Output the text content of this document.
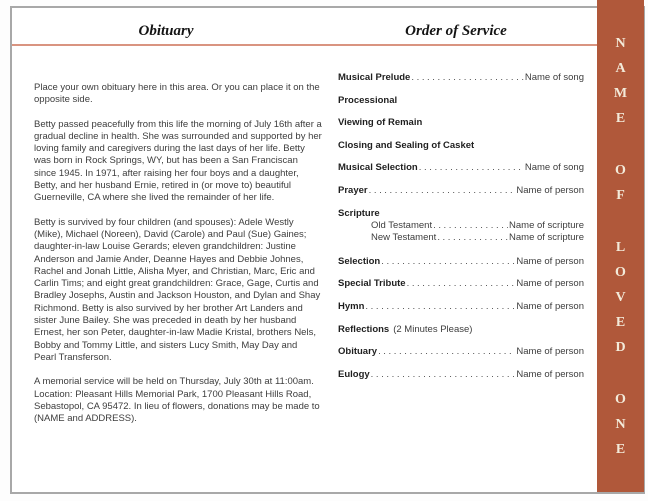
Obituary	Order of Service

Place your own obituary here in this area. Or you can place it on the opposite side.

Betty passed peacefully from this life the morning of July 16th after a gradual decline in health. She was surrounded and supported by her loving family and caregivers during the last days of her life. Betty was born in Rock Springs, WY, but has been a San Franciscan since 1945. In 1971, after raising her four boys and a daughter, Betty, and her husband Ernie, retired in (or move to) beautiful Guerneville, CA where she lived the remainder of her life.

Betty is survived by four children (and spouses): Adele Westly (Mike), Michael (Noreen), David (Carole) and Paul (Sue) Gaines; daughter-in-law Louise Gerards; eleven grandchildren: Justine Anderson and Jamie Ander, Deanne Hayes and Debbie Johnes, Rachel and Jonah Little, Alisha Myer, and Christian, Marc, Eric and Carlin Tims; and eight great grandchildren: Grace, Gage, Curtis and Bradley Josephs, Austin and Jackson Houston, and Dylan and Shay Richmond. Betty is also survived by her brother Art Landers and sister June Bailey. She was preceded in death by her husband Ernest, her son Peter, daughter-in-law Madie Kristal, brothers Nels, Bobby and Tommy Little, and sisters Lucy Smith, May Day and Pearl Transferson.

A memorial service will be held on Thursday, July 30th at 11:00am. Location: Pleasant Hills Memorial Park, 1700 Pleasant Hills Road, Sebastopol, CA 95472. In lieu of flowers, donations may be made to (NAME and ADDRESS).

Musical Prelude .....	Name of song
Processional
Viewing of Remain
Closing and Sealing of Casket
Musical Selection .....	Name of song
Prayer .....	Name of person
Scripture
Old Testament .....	Name of scripture
New Testament .....	Name of scripture
Selection .....	Name of person
Special Tribute .....	Name of person
Hymn .....	Name of person
Reflections (2 Minutes Please)
Obituary .....	Name of person
Eulogy .....	Name of person	NAME OF LOVED ONE
